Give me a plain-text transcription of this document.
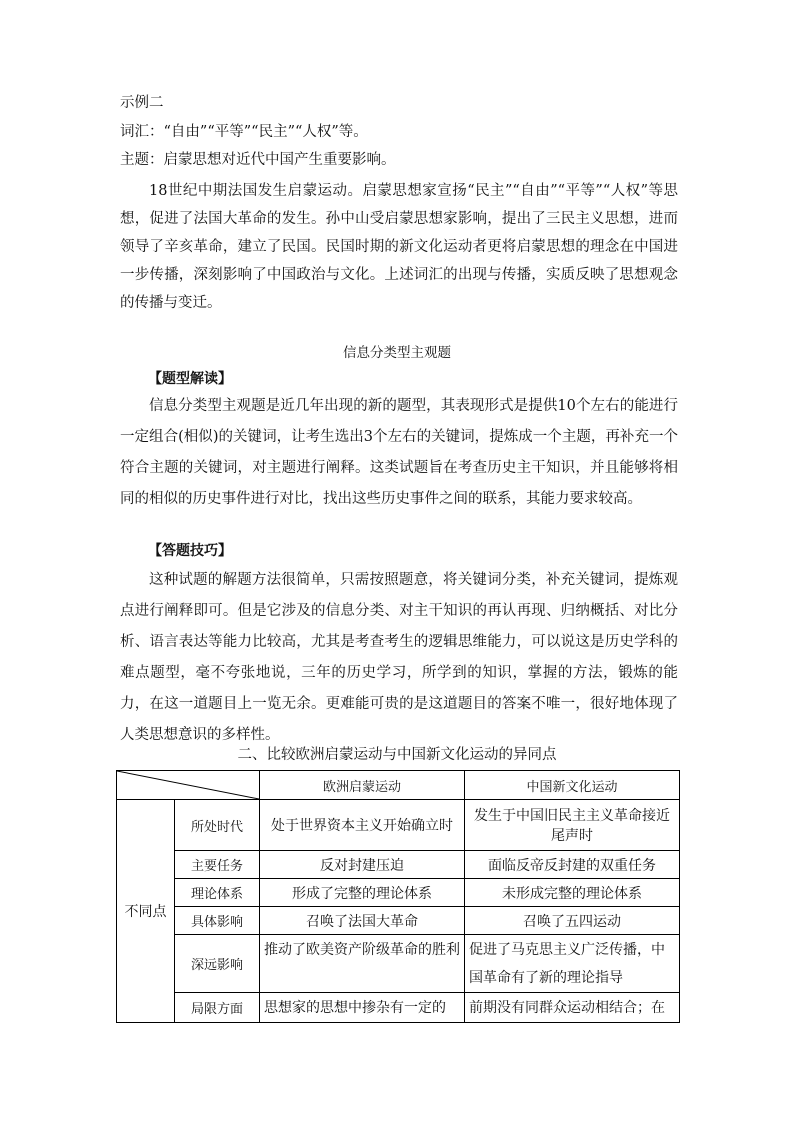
示例二
词汇：“自由”“平等”“民主”“人权”等。
主题：启蒙思想对近代中国产生重要影响。
18世纪中期法国发生启蒙运动。启蒙思想家宣扬“民主”“自由”“平等”“人权”等思想，促进了法国大革命的发生。孙中山受启蒙思想家影响，提出了三民主义思想，进而领导了辛亥革命，建立了民国。民国时期的新文化运动者更将启蒙思想的理念在中国进一步传播，深刻影响了中国政治与文化。上述词汇的出现与传播，实质反映了思想观念的传播与变迁。
信息分类型主观题
【题型解读】
信息分类型主观题是近几年出现的新的题型，其表现形式是提供10个左右的能进行一定组合(相似)的关键词，让考生选出3个左右的关键词，提炼成一个主题，再补充一个符合主题的关键词，对主题进行阐释。这类试题旨在考查历史主干知识，并且能够将相同的相似的历史事件进行对比，找出这些历史事件之间的联系，其能力要求较高。
【答题技巧】
这种试题的解题方法很简单，只需按照题意，将关键词分类，补充关键词，提炼观点进行阐释即可。但是它涉及的信息分类、对主干知识的再认再现、归纳概括、对比分析、语言表达等能力比较高，尤其是考查考生的逻辑思维能力，可以说这是历史学科的难点题型，毫不夸张地说，三年的历史学习，所学到的知识，掌握的方法，锻炼的能力，在这一道题目上一览无余。更难能可贵的是这道题目的答案不唯一，很好地体现了人类思想意识的多样性。
二、比较欧洲启蒙运动与中国新文化运动的异同点
	欧洲启蒙运动	中国新文化运动
不同点	所处时代	处于世界资本主义开始确立时	发生于中国旧民主主义革命接近尾声时
	主要任务	反对封建压迫	面临反帝反封建的双重任务
	理论体系	形成了完整的理论体系	未形成完整的理论体系
	具体影响	召唤了法国大革命	召唤了五四运动
	深远影响	推动了欧美资产阶级革命的胜利	促进了马克思主义广泛传播，中国革命有了新的理论指导
	局限方面	思想家的思想中掺杂有一定的	前期没有同群众运动相结合；在
